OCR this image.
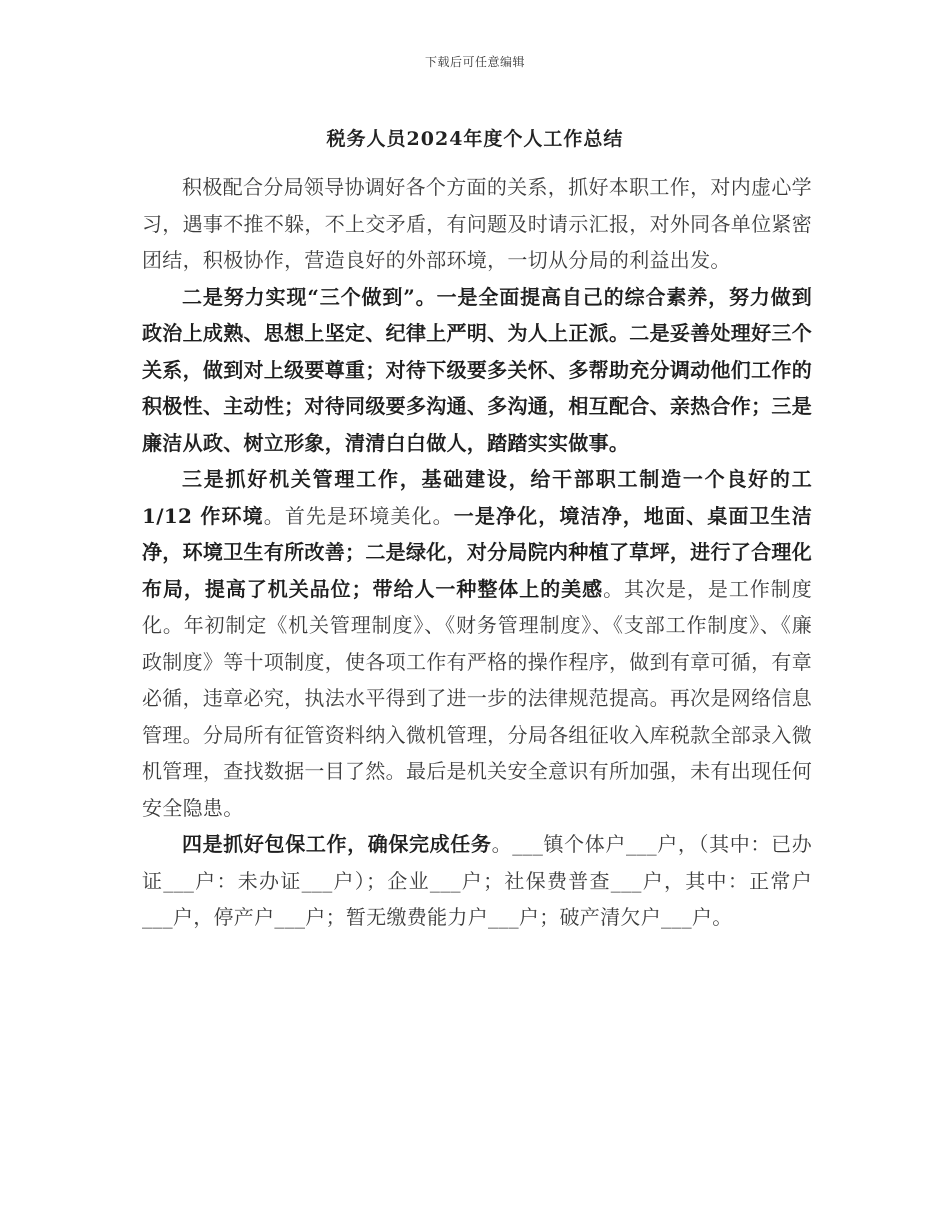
下载后可任意编辑
税务人员2024年度个人工作总结

积极配合分局领导协调好各个方面的关系，抓好本职工作，对内虚心学习，遇事不推不躲，不上交矛盾，有问题及时请示汇报，对外同各单位紧密团结，积极协作，营造良好的外部环境，一切从分局的利益出发。

二是努力实现“三个做到”。一是全面提高自己的综合素养，努力做到政治上成熟、思想上坚定、纪律上严明、为人上正派。二是妥善处理好三个关系，做到对上级要尊重；对待下级要多关怀、多帮助充分调动他们工作的积极性、主动性；对待同级要多沟通、多沟通，相互配合、亲热合作；三是廉洁从政、树立形象，清清白白做人，踏踏实实做事。

三是抓好机关管理工作，基础建设，给干部职工制造一个良好的工 1/12 作环境。首先是环境美化。一是净化，境洁净，地面、桌面卫生洁净，环境卫生有所改善；二是绿化，对分局院内种植了草坪，进行了合理化布局，提高了机关品位；带给人一种整体上的美感。其次是，是工作制度化。年初制定《机关管理制度》、《财务管理制度》、《支部工作制度》、《廉政制度》等十项制度，使各项工作有严格的操作程序，做到有章可循，有章必循，违章必究，执法水平得到了进一步的法律规范提高。再次是网络信息管理。分局所有征管资料纳入微机管理，分局各组征收入库税款全部录入微机管理，查找数据一目了然。最后是机关安全意识有所加强，未有出现任何安全隐患。

四是抓好包保工作，确保完成任务。___镇个体户___户，（其中：已办证___户：未办证___户）；企业___户；社保费普查___户，其中：正常户___户，停产户___户；暂无缴费能力户___户；破产清欠户___户。
